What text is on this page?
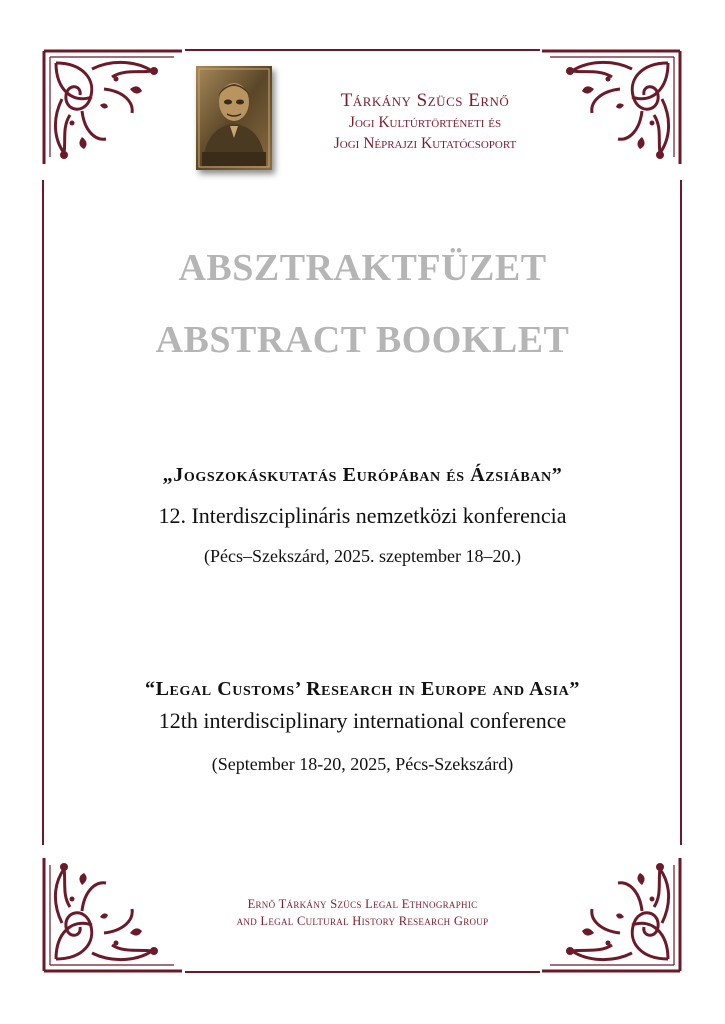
Tárkány Szücs Ernő
Jogi Kultúrtörténeti és
Jogi Néprajzi Kutatócsoport
ABSZTRAKTFÜZET
ABSTRACT BOOKLET
„Jogszokáskutatás Európában és Ázsiában”
12. Interdiszciplináris nemzetközi konferencia
(Pécs–Szekszárd, 2025. szeptember 18–20.)
“Legal Customs’ Research in Europe and Asia”
12th interdisciplinary international conference
(September 18-20, 2025, Pécs-Szekszárd)
Ernő Tárkány Szücs Legal Ethnographic
and Legal Cultural History Research Group
